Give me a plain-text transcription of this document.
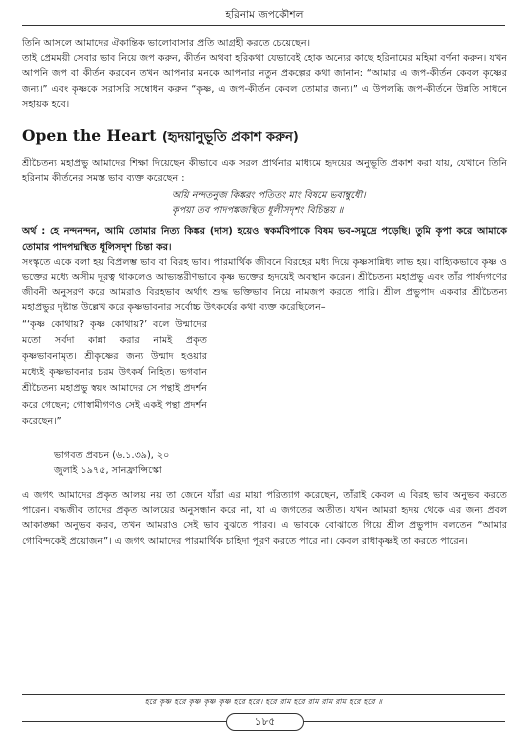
হরিনাম জপকৌশল

তিনি আসলে আমাদের ঐকান্তিক ভালোবাসার প্রতি আগ্রহী করতে চেয়েছেন।

তাই প্রেমময়ী সেবার ভাব নিয়ে জপ করুন, কীর্তন অথবা হরিকথা যেভাবেই হোক অন্যের কাছে হরিনামের মহিমা বর্ণনা করুন। যখন আপনি জপ বা কীর্তন করবেন তখন আপনার মনকে আপনার নতুন প্রকল্পের কথা জানান: “আমার এ জপ-কীর্তন কেবল কৃষ্ণের জন্য।” এবং কৃষ্ণকে সরাসরি সম্বোধন করুন “কৃষ্ণ, এ জপ-কীর্তন কেবল তোমার জন্য।” এ উপলব্ধি জপ-কীর্তনে উন্নতি সাধনে সহায়ক হবে।

Open the Heart (হৃদয়ানুভূতি প্রকাশ করুন)

শ্রীচৈতন্য মহাপ্রভু আমাদের শিক্ষা দিয়েছেন কীভাবে এক সরল প্রার্থনার মাধ্যমে হৃদয়ের অনুভূতি প্রকাশ করা যায়, যেখানে তিনি হরিনাম কীর্তনের সমস্ত ভাব ব্যক্ত করেছেন :

অয়ি নন্দতনুজ কিঙ্করং পতিতং মাং বিষমে ভবাম্বুধৌ।
কৃপয়া তব পাদপঙ্কজস্থিত ধূলীসদৃশং বিচিন্তয় ॥

অর্থ : হে নন্দনন্দন, আমি তোমার নিত্য কিঙ্কর (দাস) হয়েও স্বকর্মবিপাকে বিষম ভব-সমুদ্রে পড়েছি। তুমি কৃপা করে আমাকে তোমার পাদপদ্মস্থিত ধূলিসদৃশ চিন্তা কর।

সংস্কৃতে একে বলা হয় বিপ্রলম্ভ ভাব বা বিরহ ভাব। পারমার্থিক জীবনে বিরহের মধ্য দিয়ে কৃষ্ণসান্নিধ্য লাভ হয়। বাহ্যিকভাবে কৃষ্ণ ও ভক্তের মধ্যে অসীম দূরত্ব থাকলেও আভ্যন্তরীণভাবে কৃষ্ণ ভক্তের হৃদয়েই অবস্থান করেন। শ্রীচৈতন্য মহাপ্রভু এবং তাঁর পার্ষদগণের জীবনী অনুসরণ করে আমরাও বিরহভাব অর্থাৎ শুদ্ধ ভক্তিভাব নিয়ে নামজপ করতে পারি। শ্রীল প্রভুপাদ একবার শ্রীচৈতন্য মহাপ্রভুর দৃষ্টান্ত উল্লেখ করে কৃষ্ণভাবনার সর্বোচ্চ উৎকর্ষের কথা ব্যক্ত করেছিলেন–

“‘কৃষ্ণ কোথায়? কৃষ্ণ কোথায়?’ বলে উন্মাদের মতো সর্বদা কান্না করার নামই প্রকৃত কৃষ্ণভাবনামৃত। শ্রীকৃষ্ণের জন্য উন্মাদ হওয়ার মধ্যেই কৃষ্ণভাবনার চরম উৎকর্ষ নিহিত। ভগবান শ্রীচৈতন্য মহাপ্রভু স্বয়ং আমাদের সে পন্থাই প্রদর্শন করে গেছেন; গোস্বামীগণও সেই একই পন্থা প্রদর্শন করেছেন।”
ভাগবত প্রবচন (৬.১.৩৯), ২০
জুলাই ১৯৭৫, সানফ্রান্সিস্কো

এ জগৎ আমাদের প্রকৃত আলয় নয় তা জেনে যাঁরা এর মায়া পরিত্যাগ করেছেন, তাঁরাই কেবল এ বিরহ ভাব অনুভব করতে পারেন। বদ্ধজীব তাদের প্রকৃত আলয়ের অনুসন্ধান করে না, যা এ জগতের অতীত। যখন আমরা হৃদয় থেকে এর জন্য প্রবল আকাঙ্ক্ষা অনুভব করব, তখন আমরাও সেই ভাব বুঝতে পারব। এ ভাবকে বোঝাতে গিয়ে শ্রীল প্রভুপাদ বলতেন “আমার গোবিন্দকেই প্রয়োজন”। এ জগৎ আমাদের পারমার্থিক চাহিদা পূরণ করতে পারে না। কেবল রাধাকৃষ্ণই তা করতে পারেন।

হরে কৃষ্ণ হরে কৃষ্ণ কৃষ্ণ কৃষ্ণ হরে হরে। হরে রাম হরে রাম রাম রাম হরে হরে ॥
১৮৫
